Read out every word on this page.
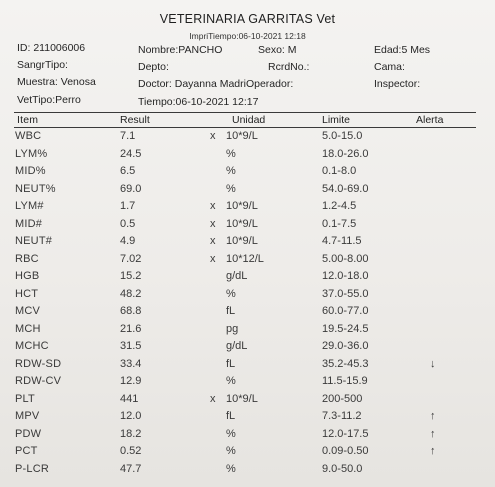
VETERINARIA GARRITAS Vet
ImpriTiempo:06-10-2021 12:18
ID: 211006006	Nombre:PANCHO	Sexo: M	Edad:5 Mes
SangrTipo:	Depto:	RcrdNo.:	Cama:
Muestra: Venosa	Doctor: Dayanna MadriOperador:	Inspector:
VetTipo:Perro	Tiempo:06-10-2021 12:17
Item	Result	Unidad	Limite	Alerta
WBC	7.1	x 10*9/L	5.0-15.0
LYM%	24.5	%	18.0-26.0
MID%	6.5	%	0.1-8.0
NEUT%	69.0	%	54.0-69.0
LYM#	1.7	x 10*9/L	1.2-4.5
MID#	0.5	x 10*9/L	0.1-7.5
NEUT#	4.9	x 10*9/L	4.7-11.5
RBC	7.02	x 10*12/L	5.00-8.00
HGB	15.2	g/dL	12.0-18.0
HCT	48.2	%	37.0-55.0
MCV	68.8	fL	60.0-77.0
MCH	21.6	pg	19.5-24.5
MCHC	31.5	g/dL	29.0-36.0
RDW-SD	33.4	fL	35.2-45.3	↓
RDW-CV	12.9	%	11.5-15.9
PLT	441	x 10*9/L	200-500
MPV	12.0	fL	7.3-11.2	↑
PDW	18.2	%	12.0-17.5	↑
PCT	0.52	%	0.09-0.50	↑
P-LCR	47.7	%	9.0-50.0
